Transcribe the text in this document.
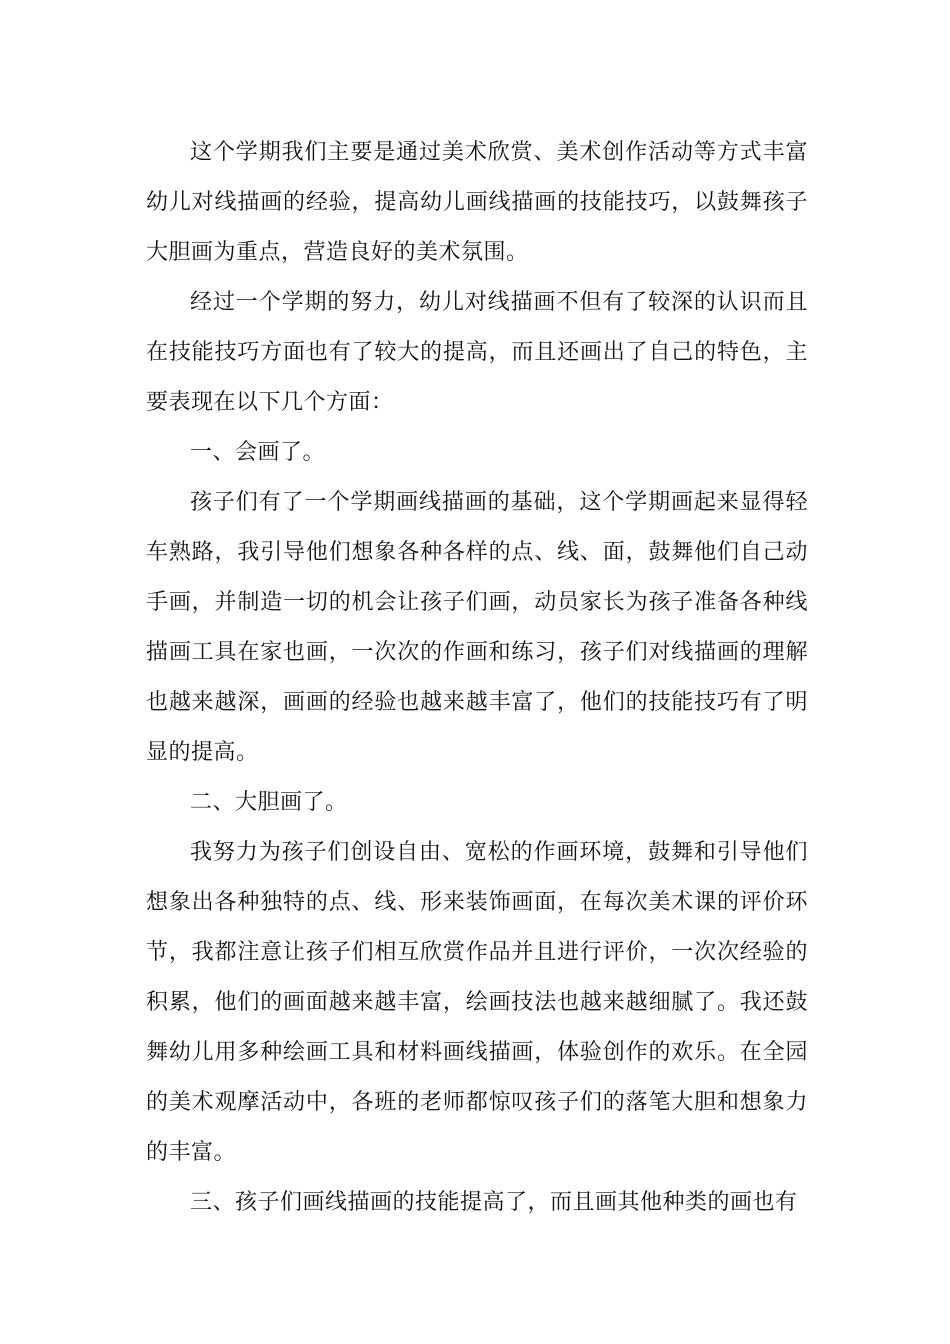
这个学期我们主要是通过美术欣赏、美术创作活动等方式丰富幼儿对线描画的经验，提高幼儿画线描画的技能技巧，以鼓舞孩子大胆画为重点，营造良好的美术氛围。

经过一个学期的努力，幼儿对线描画不但有了较深的认识而且在技能技巧方面也有了较大的提高，而且还画出了自己的特色，主要表现在以下几个方面：

一、会画了。

孩子们有了一个学期画线描画的基础，这个学期画起来显得轻车熟路，我引导他们想象各种各样的点、线、面，鼓舞他们自己动手画，并制造一切的机会让孩子们画，动员家长为孩子准备各种线描画工具在家也画，一次次的作画和练习，孩子们对线描画的理解也越来越深，画画的经验也越来越丰富了，他们的技能技巧有了明显的提高。

二、大胆画了。

我努力为孩子们创设自由、宽松的作画环境，鼓舞和引导他们想象出各种独特的点、线、形来装饰画面，在每次美术课的评价环节，我都注意让孩子们相互欣赏作品并且进行评价，一次次经验的积累，他们的画面越来越丰富，绘画技法也越来越细腻了。我还鼓舞幼儿用多种绘画工具和材料画线描画，体验创作的欢乐。在全园的美术观摩活动中，各班的老师都惊叹孩子们的落笔大胆和想象力的丰富。

三、孩子们画线描画的技能提高了，而且画其他种类的画也有
